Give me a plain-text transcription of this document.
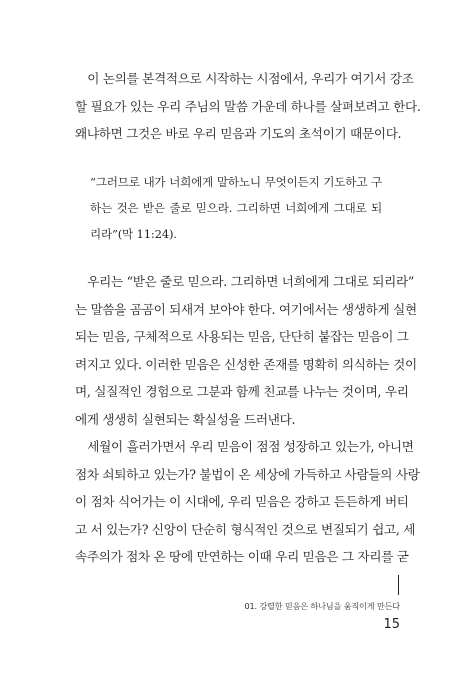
　이 논의를 본격적으로 시작하는 시점에서, 우리가 여기서 강조
할 필요가 있는 우리 주님의 말씀 가운데 하나를 살펴보려고 한다.
왜냐하면 그것은 바로 우리 믿음과 기도의 초석이기 때문이다.
“그러므로 내가 너희에게 말하노니 무엇이든지 기도하고 구
하는 것은 받은 줄로 믿으라. 그리하면 너희에게 그대로 되
리라”(막 11:24).
　우리는 “받은 줄로 믿으라. 그리하면 너희에게 그대로 되리라”
는 말씀을 곰곰이 되새겨 보아야 한다. 여기에서는 생생하게 실현
되는 믿음, 구체적으로 사용되는 믿음, 단단히 붙잡는 믿음이 그
려지고 있다. 이러한 믿음은 신성한 존재를 명확히 의식하는 것이
며, 실질적인 경험으로 그분과 함께 친교를 나누는 것이며, 우리
에게 생생히 실현되는 확실성을 드러낸다.
　세월이 흘러가면서 우리 믿음이 점점 성장하고 있는가, 아니면
점차 쇠퇴하고 있는가? 불법이 온 세상에 가득하고 사람들의 사랑
이 점차 식어가는 이 시대에, 우리 믿음은 강하고 든든하게 버티
고 서 있는가? 신앙이 단순히 형식적인 것으로 변질되기 쉽고, 세
속주의가 점차 온 땅에 만연하는 이때 우리 믿음은 그 자리를 굳
01. 강렬한 믿음은 하나님을 움직이게 만든다
15
